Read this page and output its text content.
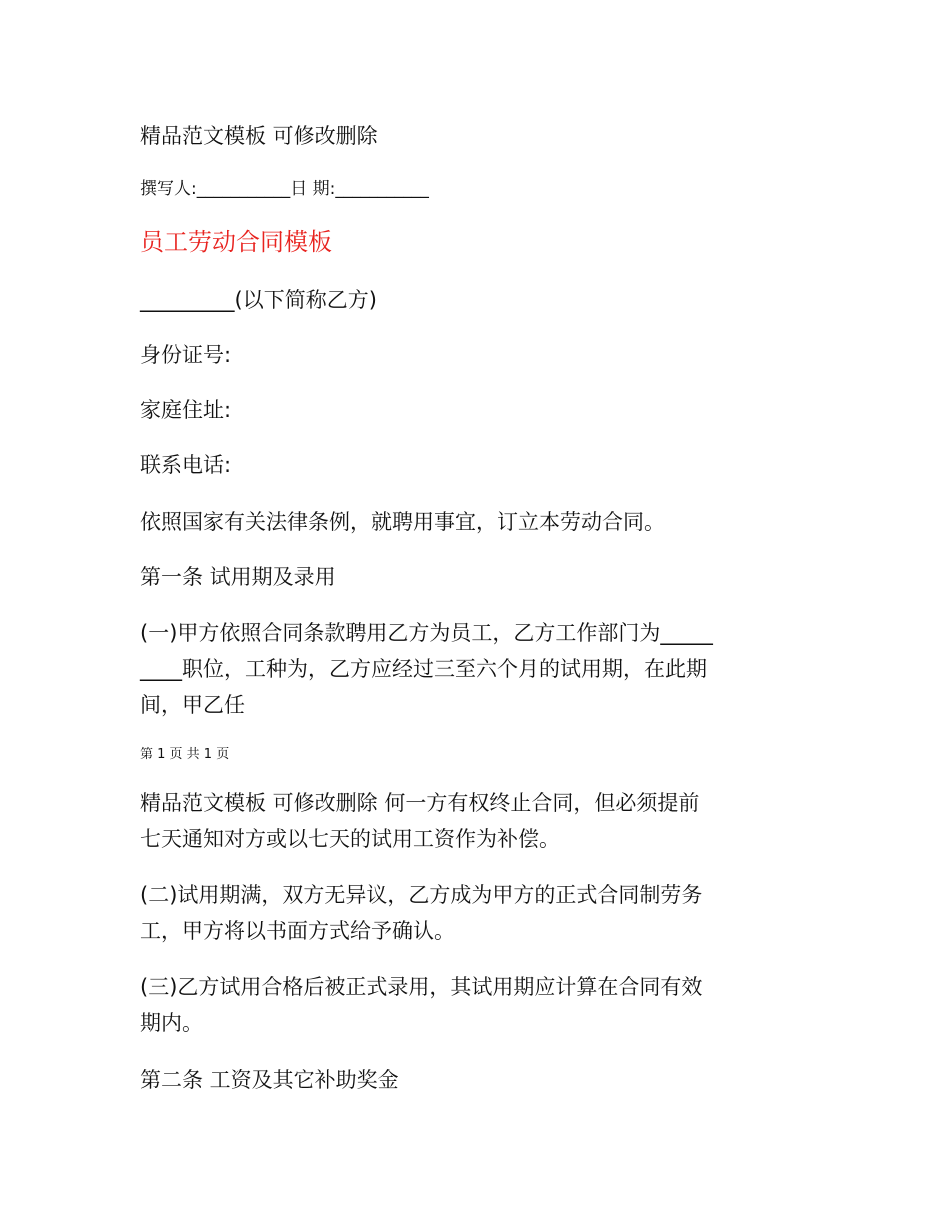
精品范文模板 可修改删除
撰写人:___________日 期:___________
员工劳动合同模板
_________(以下简称乙方)
身份证号:
家庭住址:
联系电话:
依照国家有关法律条例，就聘用事宜，订立本劳动合同。
第一条 试用期及录用
(一)甲方依照合同条款聘用乙方为员工，乙方工作部门为_____
____职位，工种为，乙方应经过三至六个月的试用期，在此期
间，甲乙任
第 1 页 共 1 页
精品范文模板 可修改删除 何一方有权终止合同，但必须提前
七天通知对方或以七天的试用工资作为补偿。
(二)试用期满，双方无异议，乙方成为甲方的正式合同制劳务
工，甲方将以书面方式给予确认。
(三)乙方试用合格后被正式录用，其试用期应计算在合同有效
期内。
第二条 工资及其它补助奖金
